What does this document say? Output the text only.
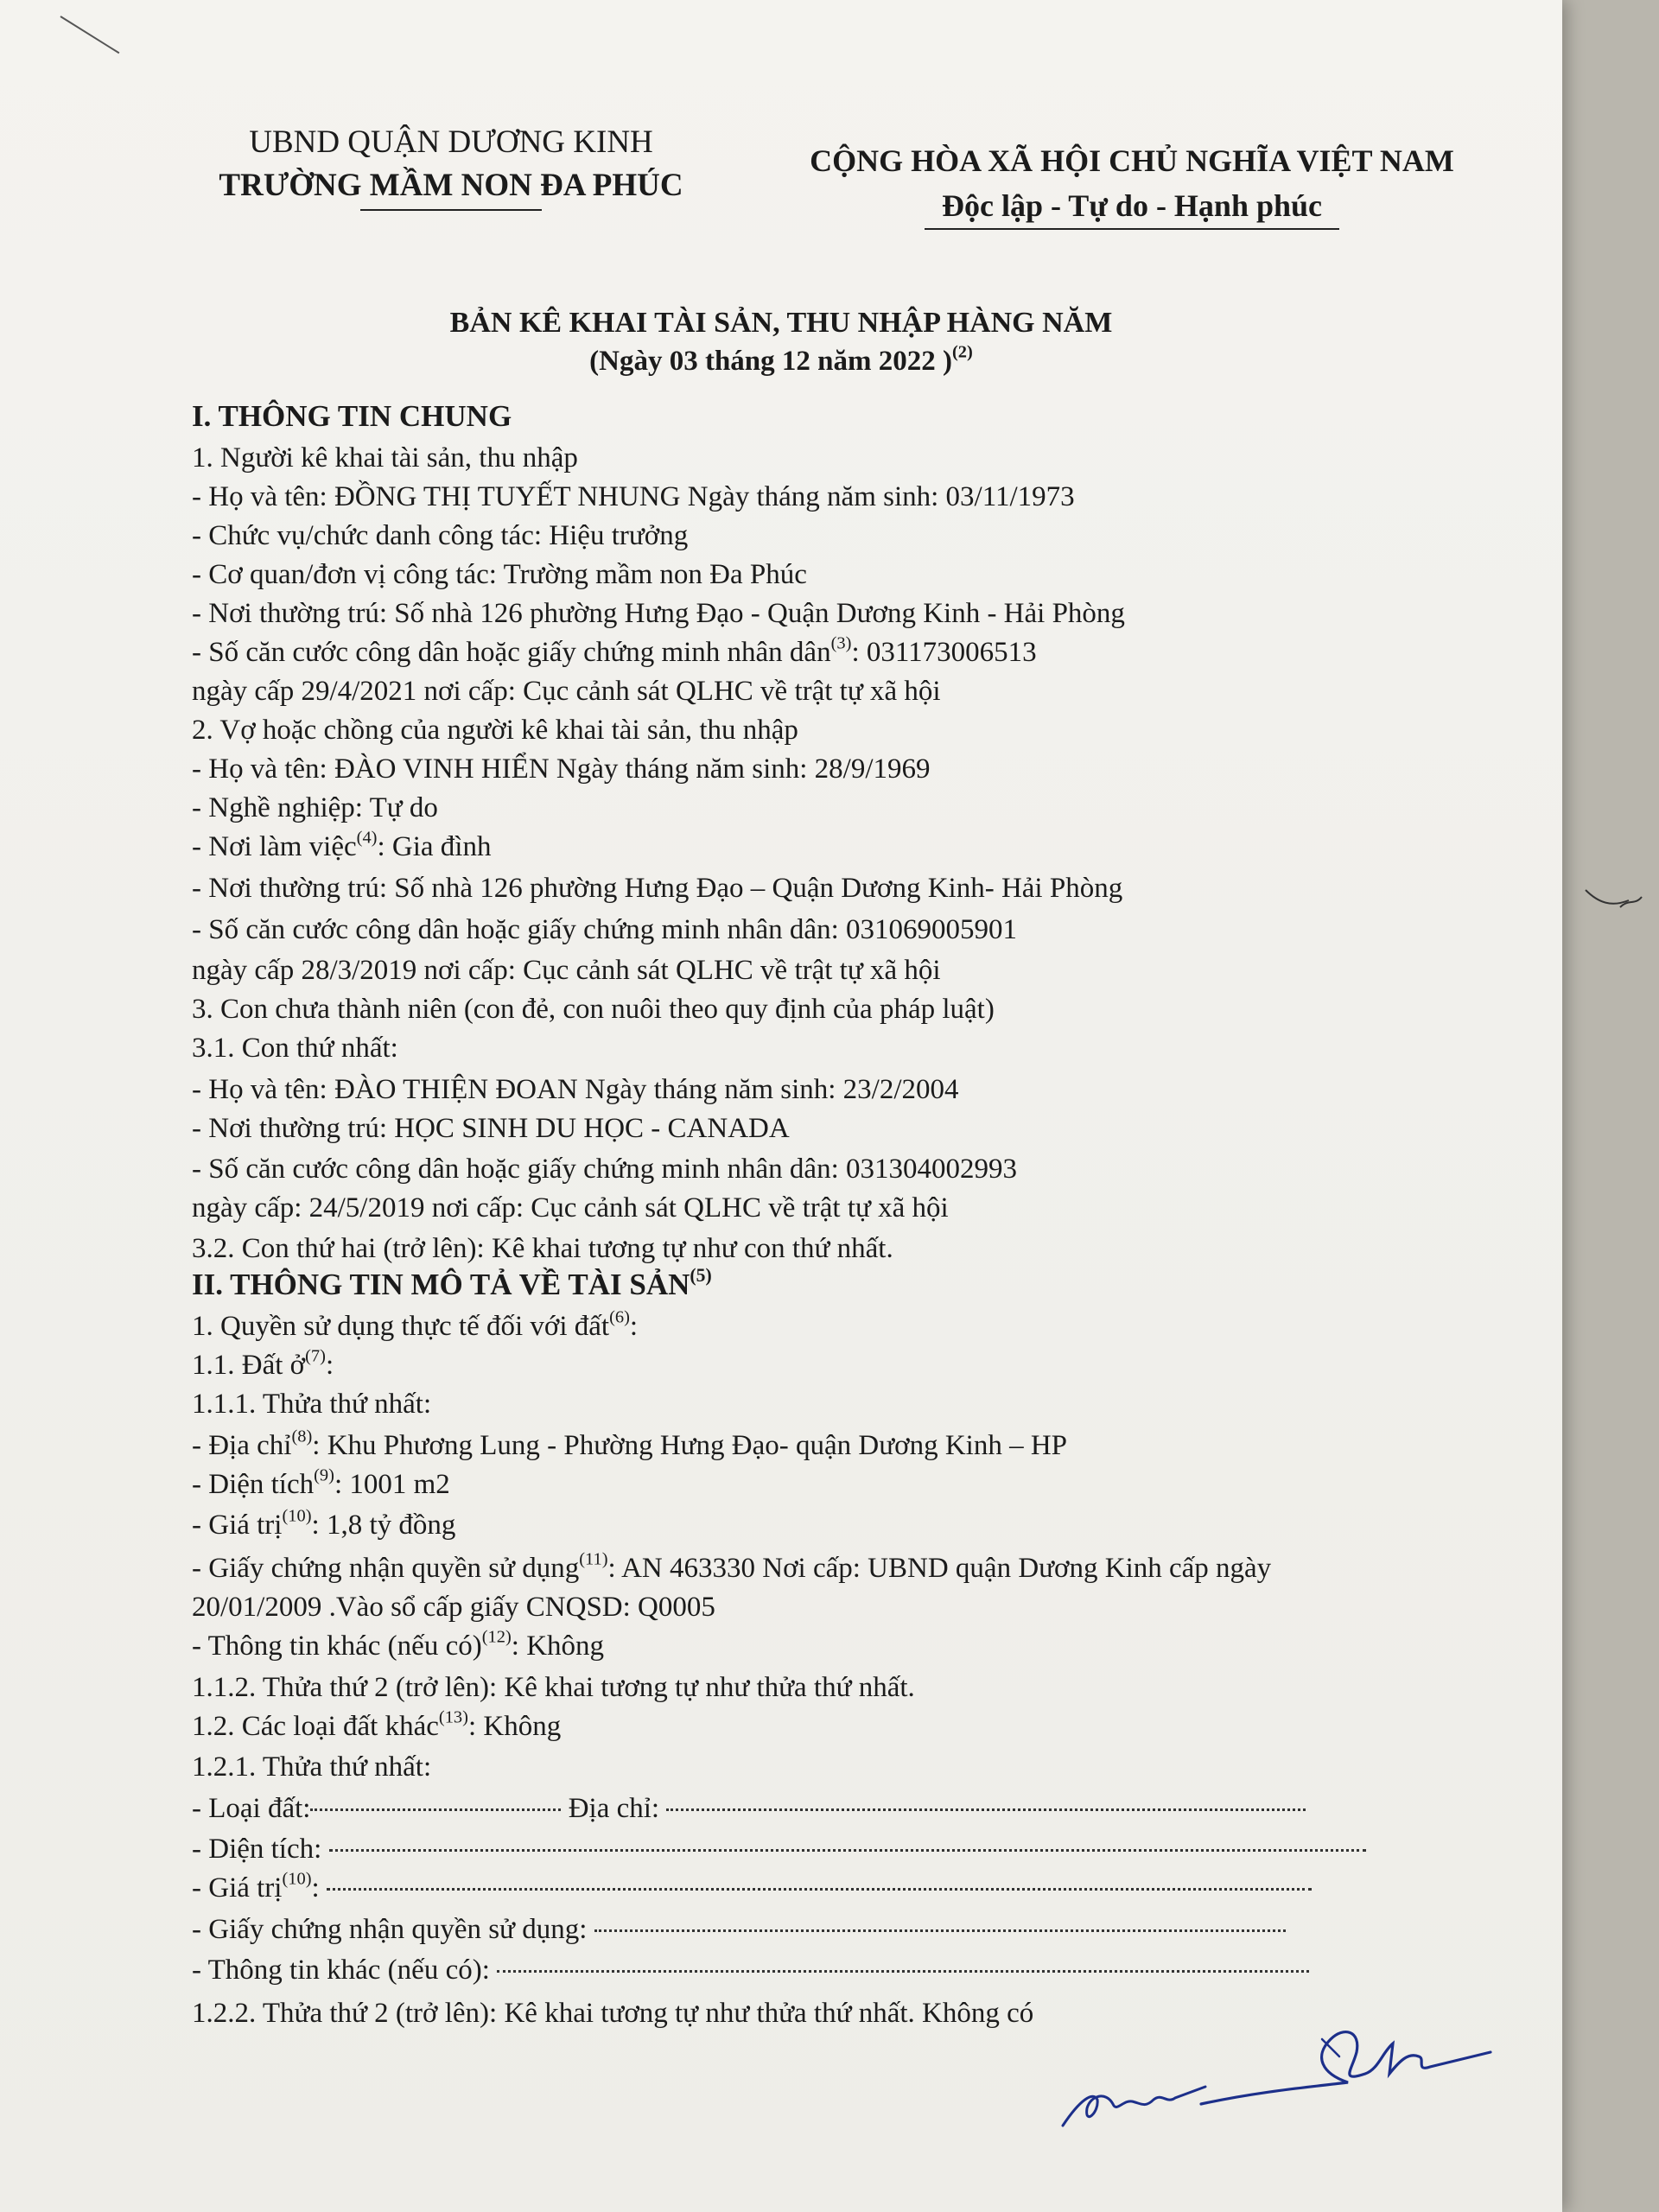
UBND QUẬN DƯƠNG KINH
TRƯỜNG MẦM NON ĐA PHÚC
CỘNG HÒA XÃ HỘI CHỦ NGHĨA VIỆT NAM
Độc lập - Tự do - Hạnh phúc
BẢN KÊ KHAI TÀI SẢN, THU NHẬP HÀNG NĂM
(Ngày 03 tháng 12 năm 2022 )$^{(2)}$
I. THÔNG TIN CHUNG
1. Người kê khai tài sản, thu nhập
- Họ và tên: ĐỒNG THỊ TUYẾT NHUNG Ngày tháng năm sinh: 03/11/1973
- Chức vụ/chức danh công tác: Hiệu trưởng
- Cơ quan/đơn vị công tác: Trường mầm non Đa Phúc
- Nơi thường trú: Số nhà 126 phường Hưng Đạo - Quận Dương Kinh - Hải Phòng
- Số căn cước công dân hoặc giấy chứng minh nhân dân$^{(3)}$: 031173006513
ngày cấp 29/4/2021 nơi cấp: Cục cảnh sát QLHC về trật tự xã hội
2. Vợ hoặc chồng của người kê khai tài sản, thu nhập
- Họ và tên: ĐÀO VINH HIỂN Ngày tháng năm sinh: 28/9/1969
- Nghề nghiệp: Tự do
- Nơi làm việc$^{(4)}$: Gia đình
- Nơi thường trú: Số nhà 126 phường Hưng Đạo – Quận Dương Kinh- Hải Phòng
- Số căn cước công dân hoặc giấy chứng minh nhân dân: 031069005901
ngày cấp 28/3/2019 nơi cấp: Cục cảnh sát QLHC về trật tự xã hội
3. Con chưa thành niên (con đẻ, con nuôi theo quy định của pháp luật)
3.1. Con thứ nhất:
- Họ và tên: ĐÀO THIỆN ĐOAN Ngày tháng năm sinh: 23/2/2004
- Nơi thường trú: HỌC SINH DU HỌC - CANADA
- Số căn cước công dân hoặc giấy chứng minh nhân dân: 031304002993
ngày cấp: 24/5/2019 nơi cấp: Cục cảnh sát QLHC về trật tự xã hội
3.2. Con thứ hai (trở lên): Kê khai tương tự như con thứ nhất.
II. THÔNG TIN MÔ TẢ VỀ TÀI SẢN$^{(5)}$
1. Quyền sử dụng thực tế đối với đất$^{(6)}$:
1.1. Đất ở$^{(7)}$:
1.1.1. Thửa thứ nhất:
- Địa chỉ$^{(8)}$: Khu Phương Lung - Phường Hưng Đạo- quận Dương Kinh – HP
- Diện tích$^{(9)}$: 1001 m2
- Giá trị$^{(10)}$: 1,8 tỷ đồng
- Giấy chứng nhận quyền sử dụng$^{(11)}$: AN 463330 Nơi cấp: UBND quận Dương Kinh cấp ngày
20/01/2009 .Vào sổ cấp giấy CNQSD: Q0005
- Thông tin khác (nếu có)$^{(12)}$: Không
1.1.2. Thửa thứ 2 (trở lên): Kê khai tương tự như thửa thứ nhất.
1.2. Các loại đất khác$^{(13)}$: Không
1.2.1. Thửa thứ nhất:
- Loại đất:	Địa chỉ:
- Diện tích:
- Giá trị$^{(10)}$:
- Giấy chứng nhận quyền sử dụng:
- Thông tin khác (nếu có):
1.2.2. Thửa thứ 2 (trở lên): Kê khai tương tự như thửa thứ nhất. Không có
